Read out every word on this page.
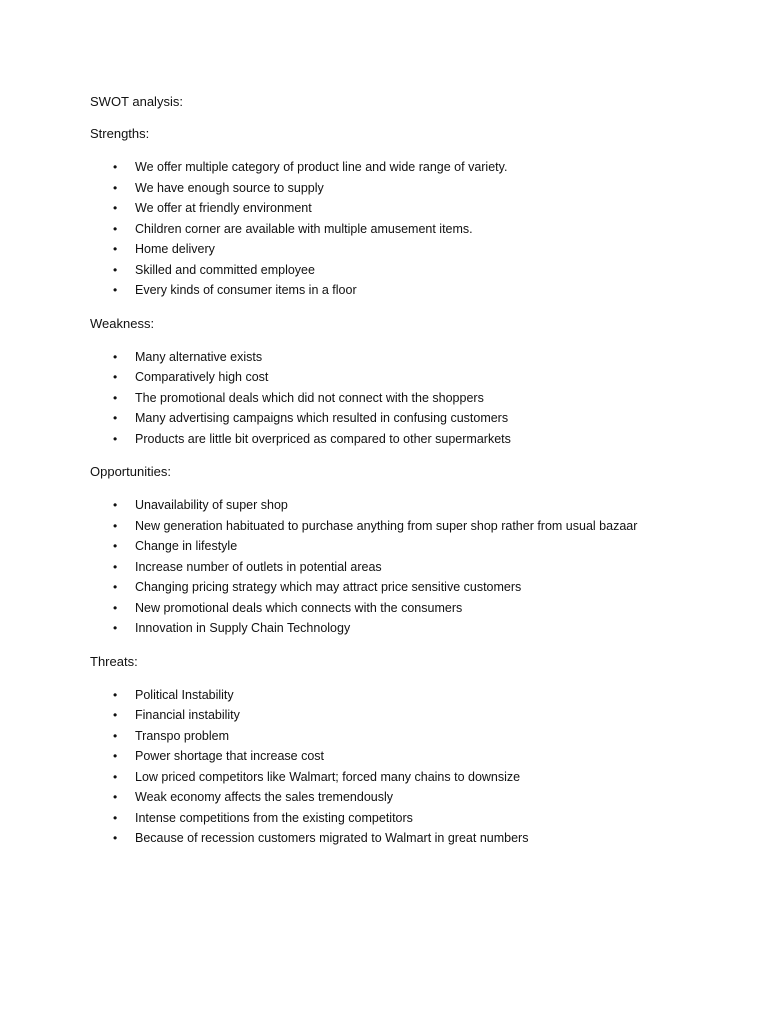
SWOT analysis:

Strengths:

• We offer multiple category of product line and wide range of variety.
• We have enough source to supply
• We offer at friendly environment
• Children corner are available with multiple amusement items.
• Home delivery
• Skilled and committed employee
• Every kinds of consumer items in a floor

Weakness:

• Many alternative exists
• Comparatively high cost
• The promotional deals which did not connect with the shoppers
• Many advertising campaigns which resulted in confusing customers
• Products are little bit overpriced as compared to other supermarkets

Opportunities:

• Unavailability of super shop
• New generation habituated to purchase anything from super shop rather from usual bazaar
• Change in lifestyle
• Increase number of outlets in potential areas
• Changing pricing strategy which may attract price sensitive customers
• New promotional deals which connects with the consumers
• Innovation in Supply Chain Technology

Threats:

• Political Instability
• Financial instability
• Transpo problem
• Power shortage that increase cost
• Low priced competitors like Walmart; forced many chains to downsize
• Weak economy affects the sales tremendously
• Intense competitions from the existing competitors
• Because of recession customers migrated to Walmart in great numbers
